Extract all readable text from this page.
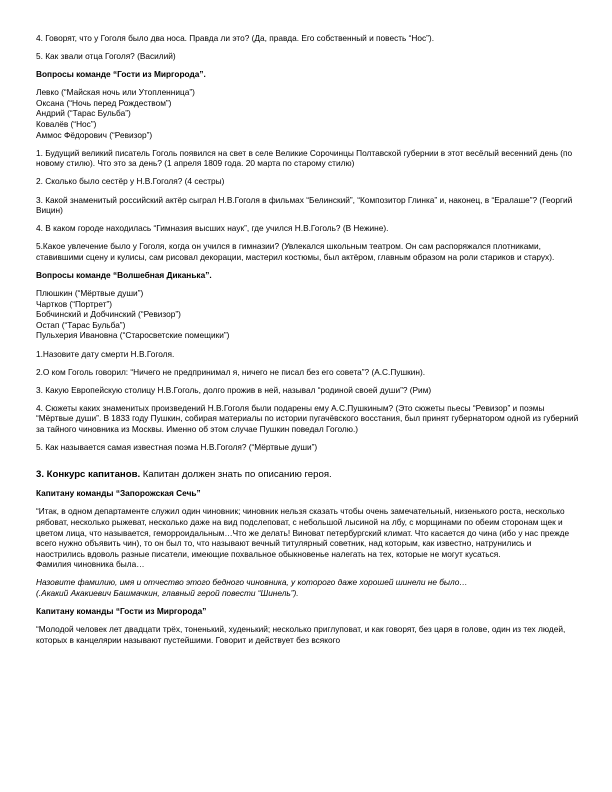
4. Говорят, что у Гоголя было два носа. Правда ли это? (Да, правда. Его собственный и повесть “Нос”).
5. Как звали отца Гоголя? (Василий)
Вопросы команде “Гости из Миргорода”.
Левко (“Майская ночь или Утопленница”)
Оксана (“Ночь перед Рождеством”)
Андрий (“Тарас Бульба”)
Ковалёв (“Нос”)
Аммос Фёдорович (“Ревизор”)
1. Будущий великий писатель Гоголь появился на свет в селе Великие Сорочинцы Полтавской губернии в этот весёлый весенний день (по новому стилю). Что это за день? (1 апреля 1809 года. 20 марта по старому стилю)
2. Сколько было сестёр у Н.В.Гоголя? (4 сестры)
3. Какой знаменитый российский актёр сыграл Н.В.Гоголя в фильмах “Белинский”, “Композитор Глинка” и, наконец, в “Ералаше”? (Георгий Вицин)
4. В каком городе находилась “Гимназия высших наук”, где учился Н.В.Гоголь? (В Нежине).
5.Какое увлечение было у Гоголя, когда он учился в гимназии? (Увлекался школьным театром. Он сам распоряжался плотниками, ставившими сцену и кулисы, сам рисовал декорации, мастерил костюмы, был актёром, главным образом на роли стариков и старух).
Вопросы команде “Волшебная Диканька”.
Плюшкин (“Мёртвые души”)
Чартков (“Портрет”)
Бобчинский и Добчинский (“Ревизор”)
Остап (“Тарас Бульба”)
Пульхерия Ивановна (“Старосветские помещики”)
1.Назовите дату смерти Н.В.Гоголя.
2.О ком Гоголь говорил: “Ничего не предпринимал я, ничего не писал без его совета”? (А.С.Пушкин).
3. Какую Европейскую столицу Н.В.Гоголь, долго прожив в ней, называл “родиной своей души”? (Рим)
4. Сюжеты каких знаменитых произведений Н.В.Гоголя были подарены ему А.С.Пушкиным? (Это сюжеты пьесы “Ревизор” и поэмы “Мёртвые души”. В 1833 году Пушкин, собирая материалы по истории пугачёвского восстания, был принят губернатором одной из губерний за тайного чиновника из Москвы. Именно об этом случае Пушкин поведал Гоголю.)
5. Как называется самая известная поэма Н.В.Гоголя? (“Мёртвые души”)
3. Конкурс капитанов. Капитан должен знать по описанию героя.
Капитану команды “Запорожская Сечь”
“Итак, в одном департаменте служил один чиновник; чиновник нельзя сказать чтобы очень замечательный, низенького роста, несколько рябоват, несколько рыжеват, несколько даже на вид подслеповат, с небольшой лысиной на лбу, с морщинами по обеим сторонам щек и цветом лица, что называется, геморроидальным…Что же делать! Виноват петербургский климат. Что касается до чина (ибо у нас прежде всего нужно объявить чин), то он был то, что называют вечный титулярный советник, над которым, как известно, натрунились и наострились вдоволь разные писатели, имеющие похвальное обыкновенье налегать на тех, которые не могут кусаться.
Фамилия чиновника была…
Назовите фамилию, имя и отчество этого бедного чиновника, у которого даже хорошей шинели не было…
(.Акакий Акакиевич Башмачкин, главный герой повести “Шинель”).
Капитану команды “Гости из Миргорода”
“Молодой человек лет двадцати трёх, тоненький, худенький; несколько приглуповат, и как говорят, без царя в голове, один из тех людей, которых в канцелярии называют пустейшими. Говорит и действует без всякого
